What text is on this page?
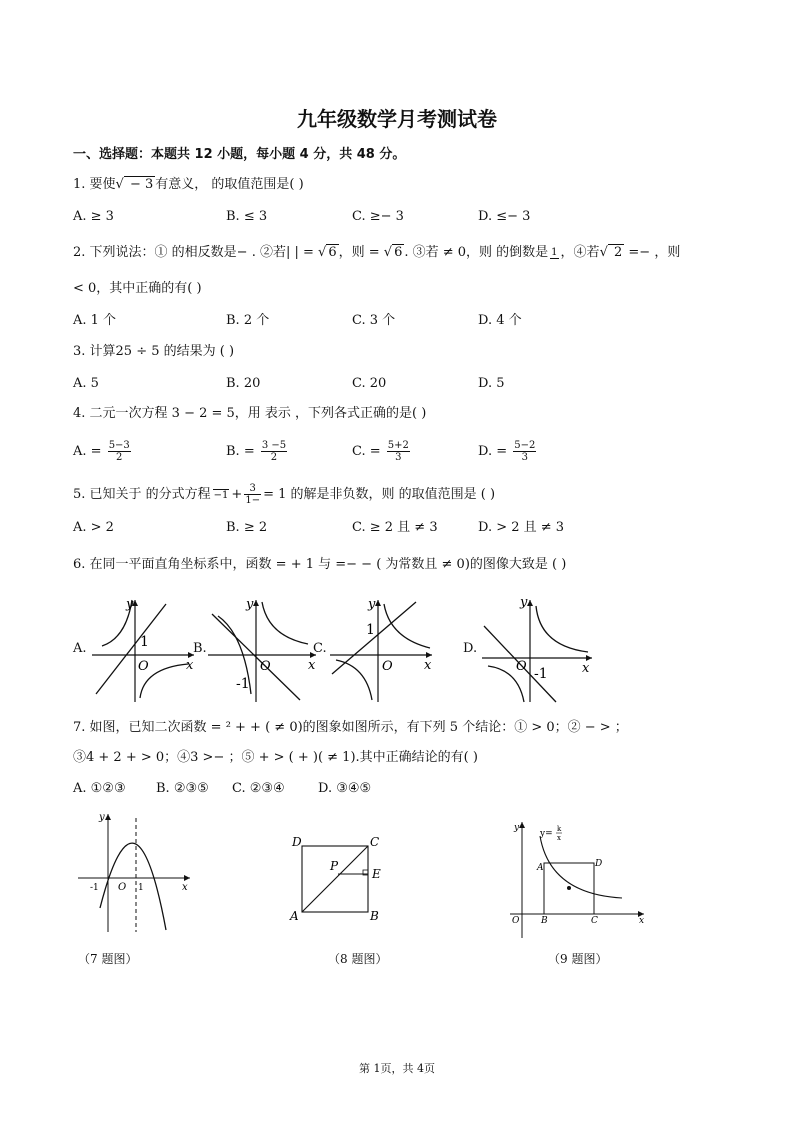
九年级数学月考测试卷
一、选择题：本题共 12 小题，每小题 4 分，共 48 分。
1. 要使√ − 3 有意义， 的取值范围是( )
A. ≥ 3	B. ≤ 3	C. ≥− 3	D. ≤− 3
2. 下列说法：① 的相反数是− . ②若| | = √ 6 ，则 = √ 6 . ③若 ≠ 0，则 的倒数是 1 ，④若√ 2 =− ，则
< 0，其中正确的有( )
A. 1 个	B. 2 个	C. 3 个	D. 4 个
3. 计算25 ÷ 5 的结果为 ( )
A. 5	B. 20	C. 20	D. 5
4. 二元一次方程 3 − 2 = 5，用 表示 ，下列各式正确的是( )
A. = $\frac{5-3}{2}$	B. = $\frac{3 -5}{2}$	C. = $\frac{5+2}{3}$	D. = $\frac{5-2}{3}$
5. 已知关于 的分式方程 $-1 + \frac{3}{1-} = 1$ 的解是非负数，则 的取值范围是 ( )
A. > 2	B. ≥ 2	C. ≥ 2 且 ≠ 3	D. > 2 且 ≠ 3
6. 在同一平面直角坐标系中，函数 = + 1 与 =− − ( 为常数且 ≠ 0)的图像大致是 ( )
A.
y
x
O
1	B.
y
x
O
-1
C.
y
x
O
1
D.
y
x
O -1
7. 如图，已知二次函数 = ² + + ( ≠ 0)的图象如图所示，有下列 5 个结论：① > 0；② − > ；
③4 + 2 + > 0；④3 >− ；⑤ + > ( + )( ≠ 1).其中正确结论的有( )
A. ①②③ B. ②③⑤ C. ②③④	D. ③④⑤
y
x
O
-1	1
（7 题图）
D	C
P
E
A	B
（8 题图）
y
x
O
y= k
x
A	D
B	C
（9 题图）
第 1页，共 4页
